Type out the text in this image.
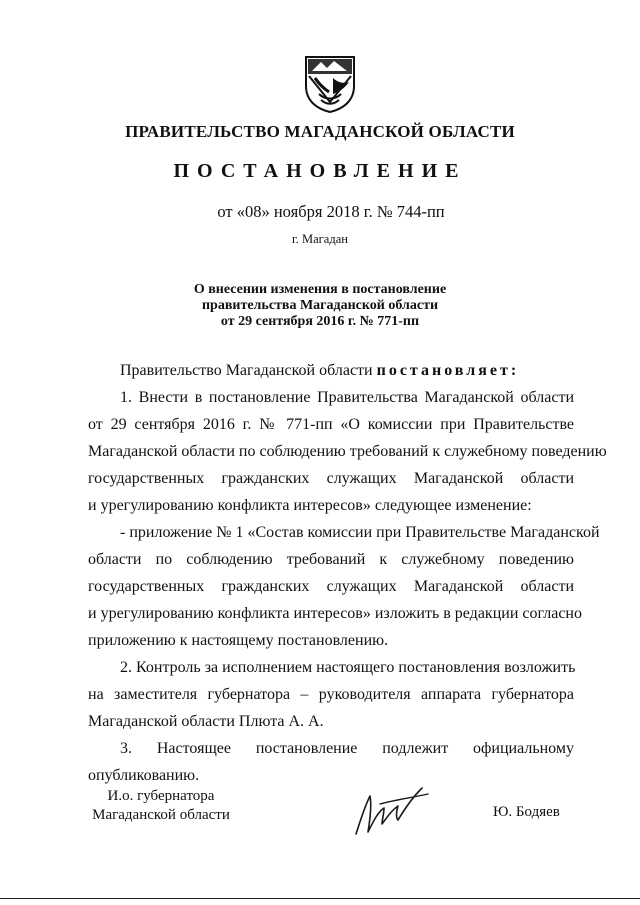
ПРАВИТЕЛЬСТВО МАГАДАНСКОЙ ОБЛАСТИ
ПОСТАНОВЛЕНИЕ
от «08» ноября 2018 г. № 744-пп
г. Магадан
О внесении изменения в постановление
правительства Магаданской области
от 29 сентября 2016 г. № 771-пп
Правительство Магаданской области постановляет:
1. Внести в постановление Правительства Магаданской области
от 29 сентября 2016 г. № 771-пп «О комиссии при Правительстве
Магаданской области по соблюдению требований к служебному поведению
государственных гражданских служащих Магаданской области
и урегулированию конфликта интересов» следующее изменение:
- приложение № 1 «Состав комиссии при Правительстве Магаданской
области по соблюдению требований к служебному поведению
государственных гражданских служащих Магаданской области
и урегулированию конфликта интересов» изложить в редакции согласно
приложению к настоящему постановлению.
2. Контроль за исполнением настоящего постановления возложить
на заместителя губернатора – руководителя аппарата губернатора
Магаданской области Плюта А. А.
3. Настоящее постановление подлежит официальному
опубликованию.
И.о. губернатора
Магаданской области	Ю. Бодяев
